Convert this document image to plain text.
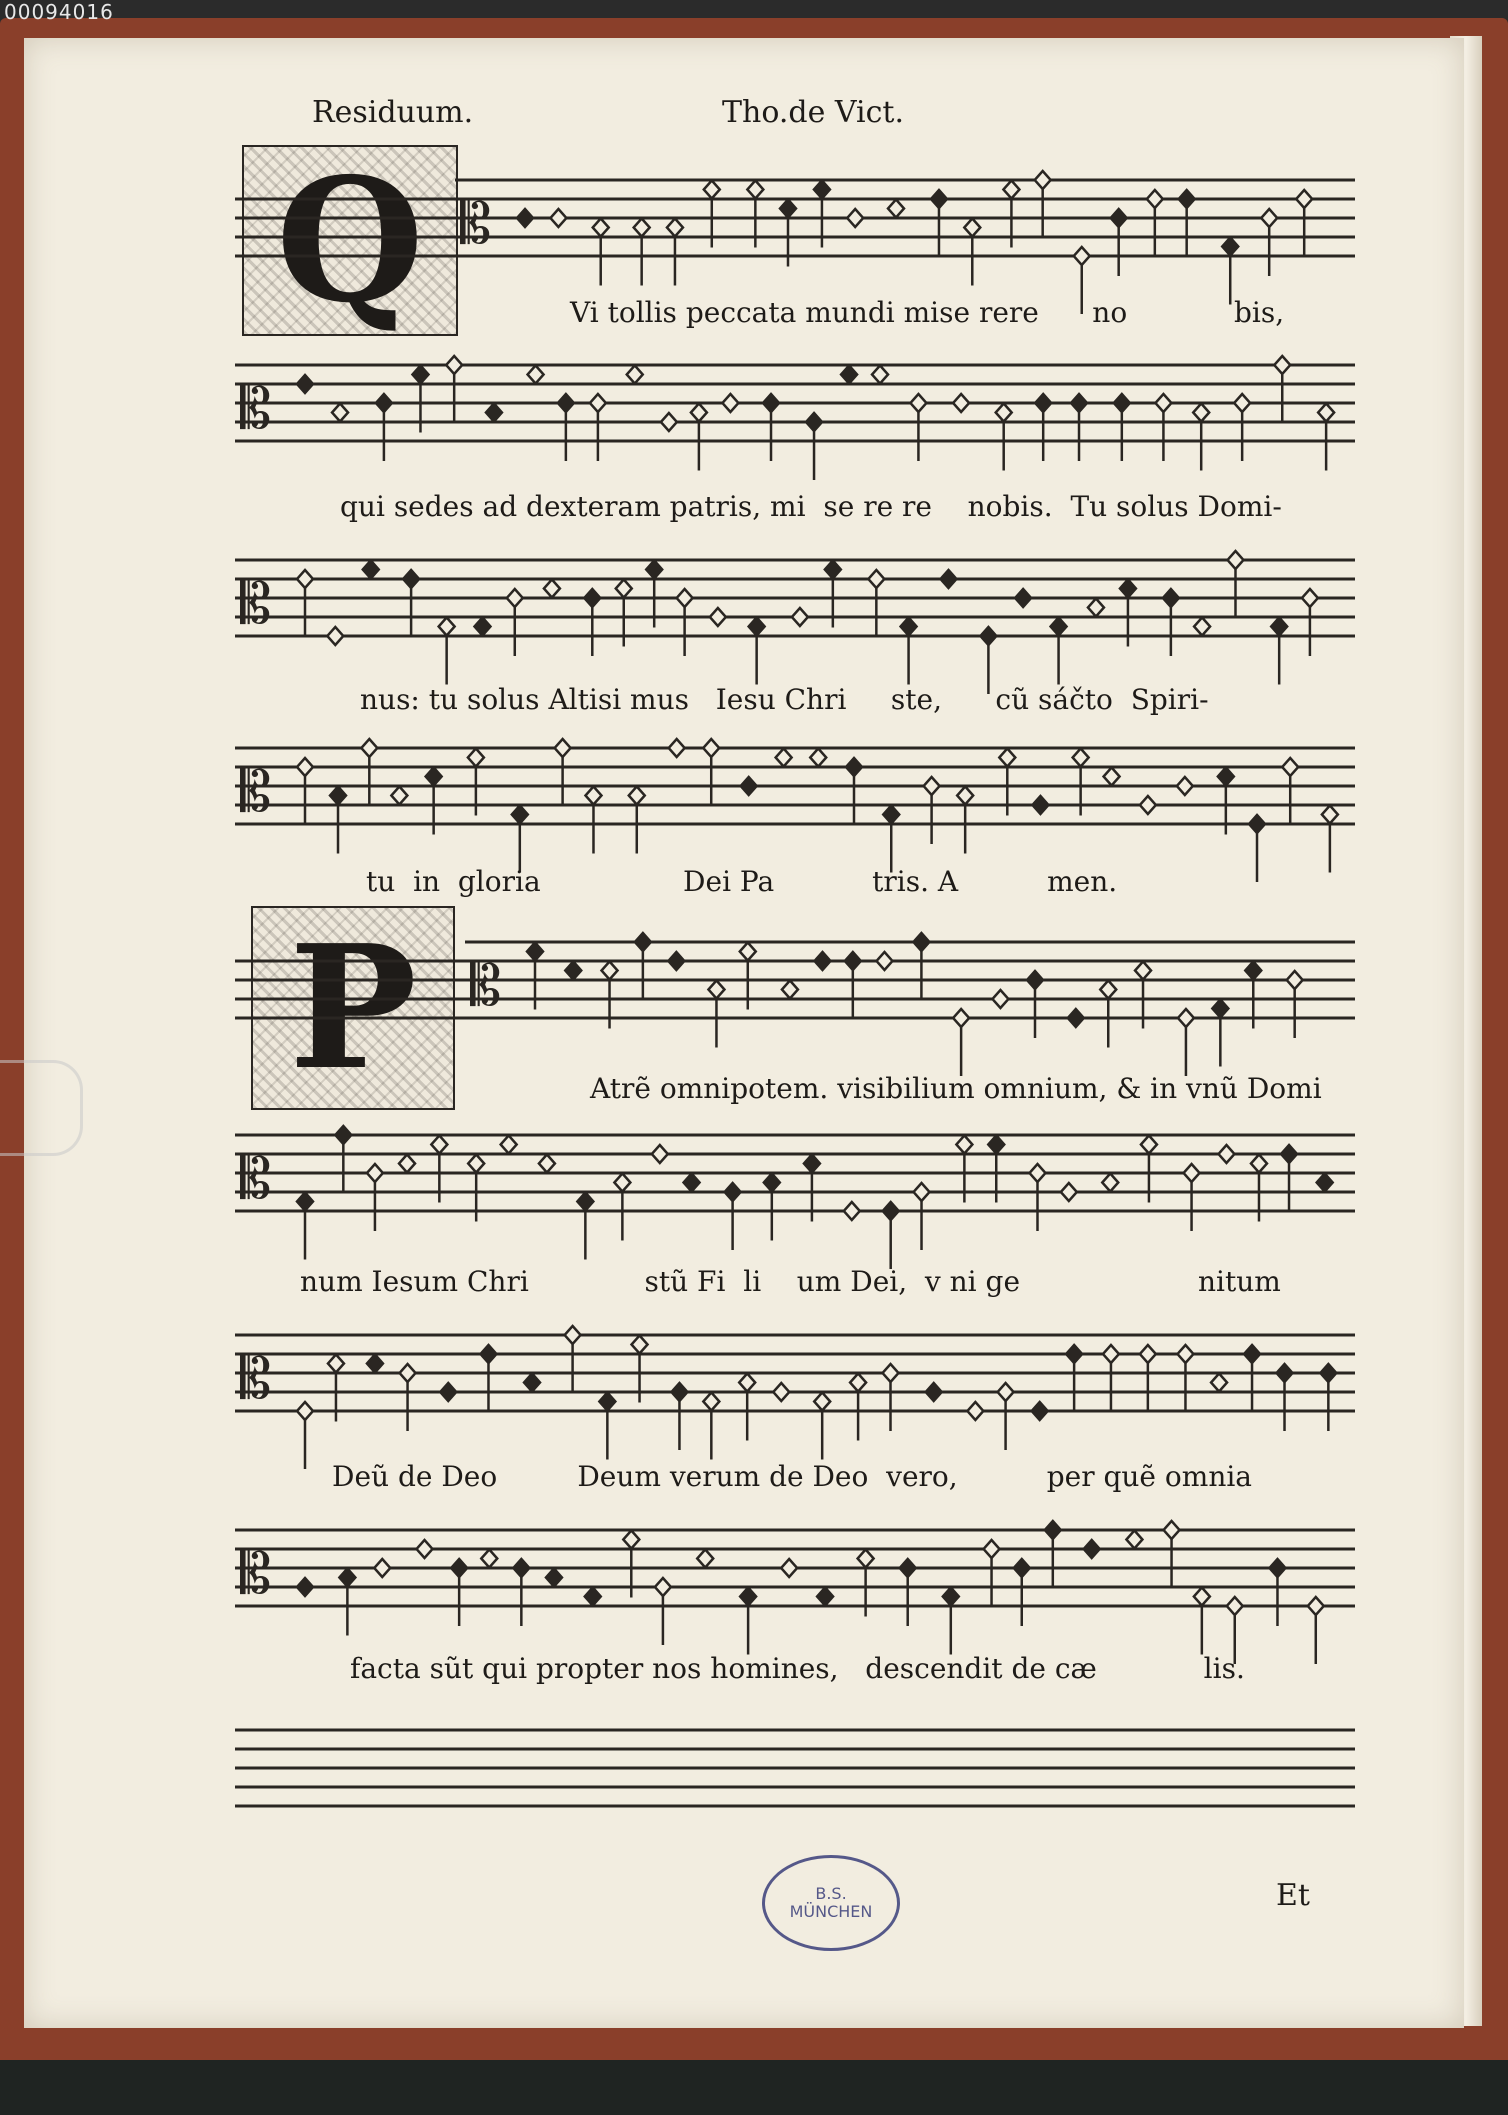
00094016
Residuum.	Tho.de Vict.
Q
P
𝄡
Vi tollis peccata mundi mise rere      no            bis,
𝄡
qui sedes ad dexteram patris, mi  se re re    nobis.  Tu solus Domi-
𝄡
nus: tu solus Altisi mus   Iesu Chri     ste,      cũ sáčto  Spiri-
𝄡
tu  in  gloria                Dei Pa           tris. A          men.
𝄡
Atrẽ omnipotem. visibilium omnium, & in vnũ Domi
𝄡
num Iesum Chri             stũ Fi  li    um Dei,  v ni ge                    nitum
𝄡
Deũ de Deo         Deum verum de Deo  vero,          per quẽ omnia
𝄡
facta sũt qui propter nos homines,   descendit de cæ            lis.
B.S.
MÜNCHEN	Et
